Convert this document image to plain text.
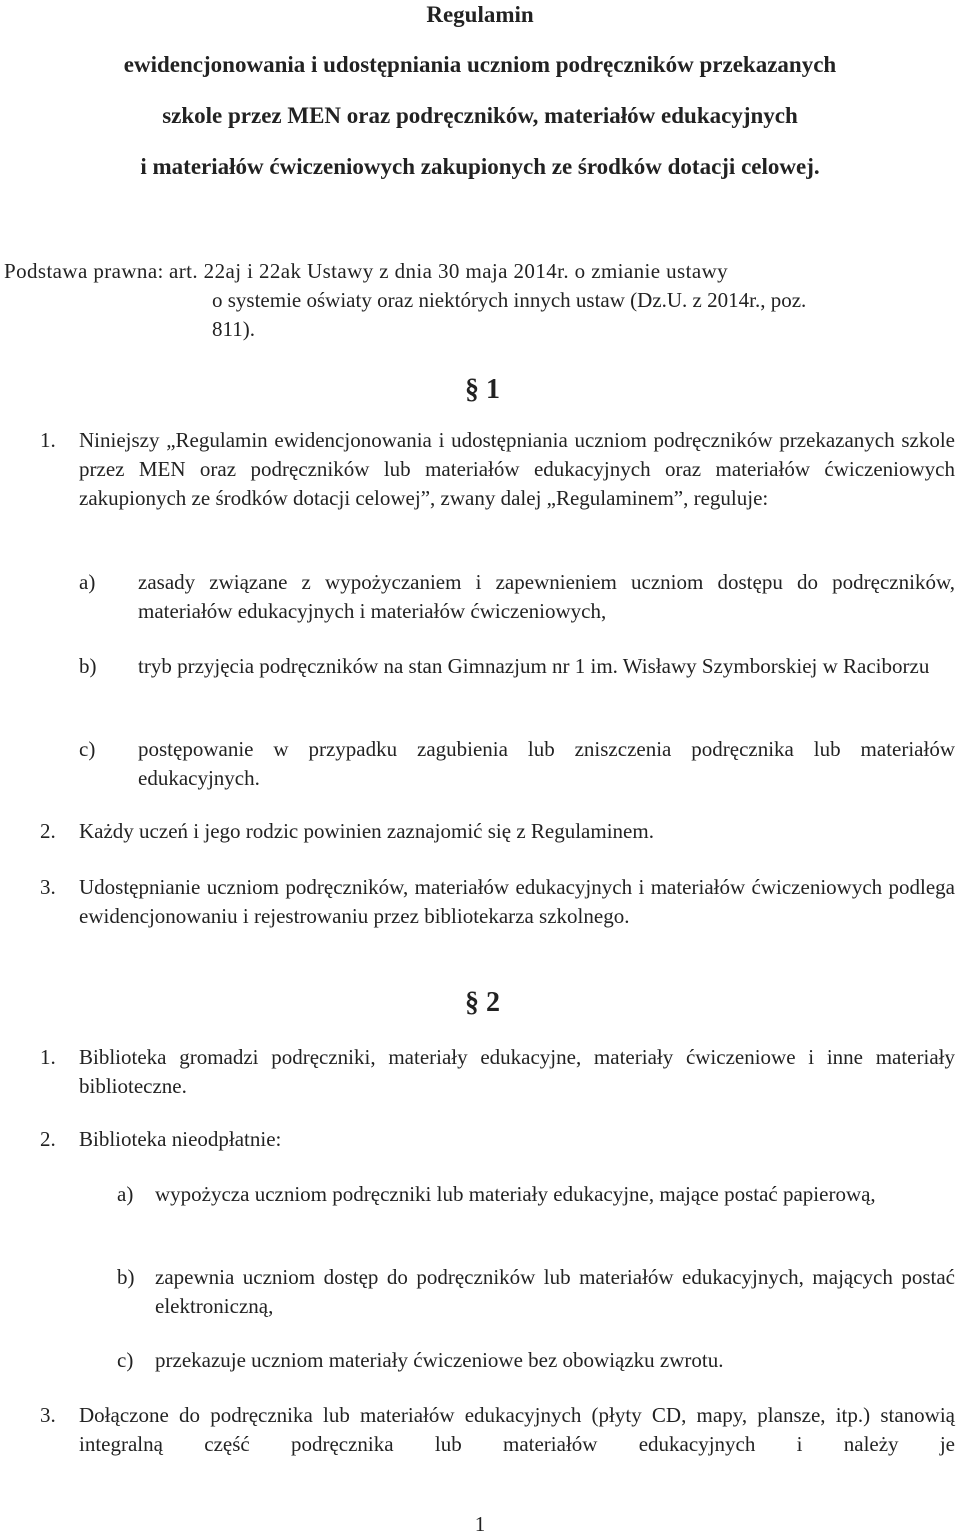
Regulamin
ewidencjonowania i udostępniania uczniom podręczników przekazanych
szkole przez MEN oraz podręczników, materiałów edukacyjnych
i materiałów ćwiczeniowych zakupionych ze środków dotacji celowej.
Podstawa prawna: art. 22aj i 22ak Ustawy z dnia 30 maja 2014r. o zmianie ustawy
o systemie oświaty oraz niektórych innych ustaw (Dz.U. z 2014r., poz.
811).
§ 1
1. Niniejszy „Regulamin ewidencjonowania i udostępniania uczniom podręczników przekazanych szkole przez MEN oraz podręczników lub materiałów edukacyjnych oraz materiałów ćwiczeniowych zakupionych ze środków dotacji celowej”, zwany dalej „Regulaminem”, reguluje:
a) zasady związane z wypożyczaniem i zapewnieniem uczniom dostępu do podręczników, materiałów edukacyjnych i materiałów ćwiczeniowych,
b) tryb przyjęcia podręczników na stan Gimnazjum nr 1 im. Wisławy Szymborskiej w Raciborzu
c) postępowanie w przypadku zagubienia lub zniszczenia podręcznika lub materiałów edukacyjnych.
2. Każdy uczeń i jego rodzic powinien zaznajomić się z Regulaminem.
3. Udostępnianie uczniom podręczników, materiałów edukacyjnych i materiałów ćwiczeniowych podlega ewidencjonowaniu i rejestrowaniu przez bibliotekarza szkolnego.
§ 2
1. Biblioteka gromadzi podręczniki, materiały edukacyjne, materiały ćwiczeniowe i inne materiały biblioteczne.
2. Biblioteka nieodpłatnie:
a) wypożycza uczniom podręczniki lub materiały edukacyjne, mające postać papierową,
b) zapewnia uczniom dostęp do podręczników lub materiałów edukacyjnych, mających postać elektroniczną,
c) przekazuje uczniom materiały ćwiczeniowe bez obowiązku zwrotu.
3. Dołączone do podręcznika lub materiałów edukacyjnych (płyty CD, mapy, plansze, itp.) stanowią integralną część podręcznika lub materiałów edukacyjnych i należy je
1
